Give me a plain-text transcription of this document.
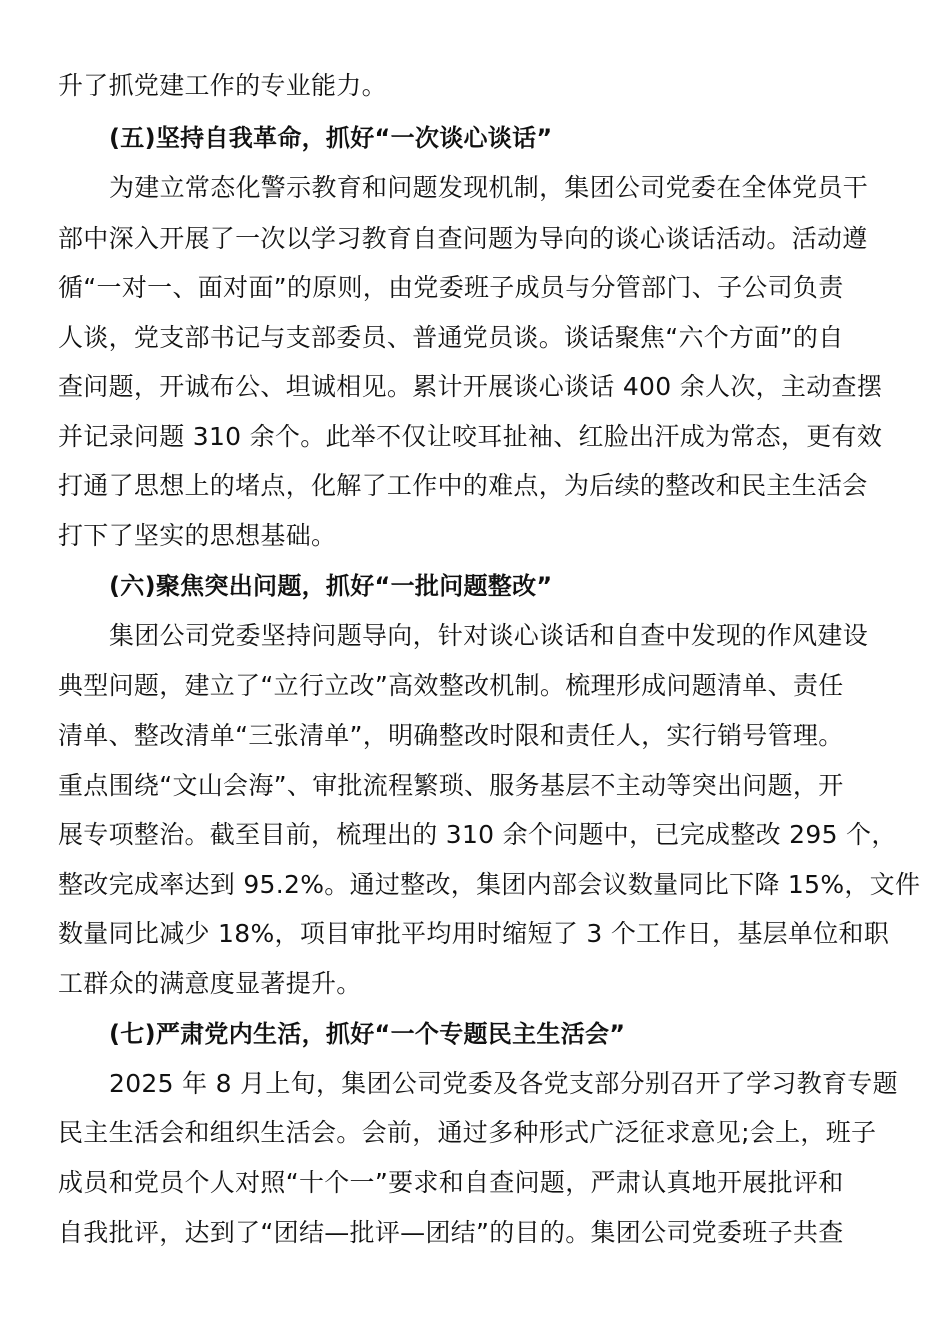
升了抓党建工作的专业能力。
(五)坚持自我革命，抓好“一次谈心谈话”
为建立常态化警示教育和问题发现机制，集团公司党委在全体党员干
部中深入开展了一次以学习教育自查问题为导向的谈心谈话活动。活动遵
循“一对一、面对面”的原则，由党委班子成员与分管部门、子公司负责
人谈，党支部书记与支部委员、普通党员谈。谈话聚焦“六个方面”的自
查问题，开诚布公、坦诚相见。累计开展谈心谈话 400 余人次，主动查摆
并记录问题 310 余个。此举不仅让咬耳扯袖、红脸出汗成为常态，更有效
打通了思想上的堵点，化解了工作中的难点，为后续的整改和民主生活会
打下了坚实的思想基础。
(六)聚焦突出问题，抓好“一批问题整改”
集团公司党委坚持问题导向，针对谈心谈话和自查中发现的作风建设
典型问题，建立了“立行立改”高效整改机制。梳理形成问题清单、责任
清单、整改清单“三张清单”，明确整改时限和责任人，实行销号管理。
重点围绕“文山会海”、审批流程繁琐、服务基层不主动等突出问题，开
展专项整治。截至目前，梳理出的 310 余个问题中，已完成整改 295 个，
整改完成率达到 95.2%。通过整改，集团内部会议数量同比下降 15%，文件
数量同比减少 18%，项目审批平均用时缩短了 3 个工作日，基层单位和职
工群众的满意度显著提升。
(七)严肃党内生活，抓好“一个专题民主生活会”
2025 年 8 月上旬，集团公司党委及各党支部分别召开了学习教育专题
民主生活会和组织生活会。会前，通过多种形式广泛征求意见;会上，班子
成员和党员个人对照“十个一”要求和自查问题，严肃认真地开展批评和
自我批评，达到了“团结—批评—团结”的目的。集团公司党委班子共查
